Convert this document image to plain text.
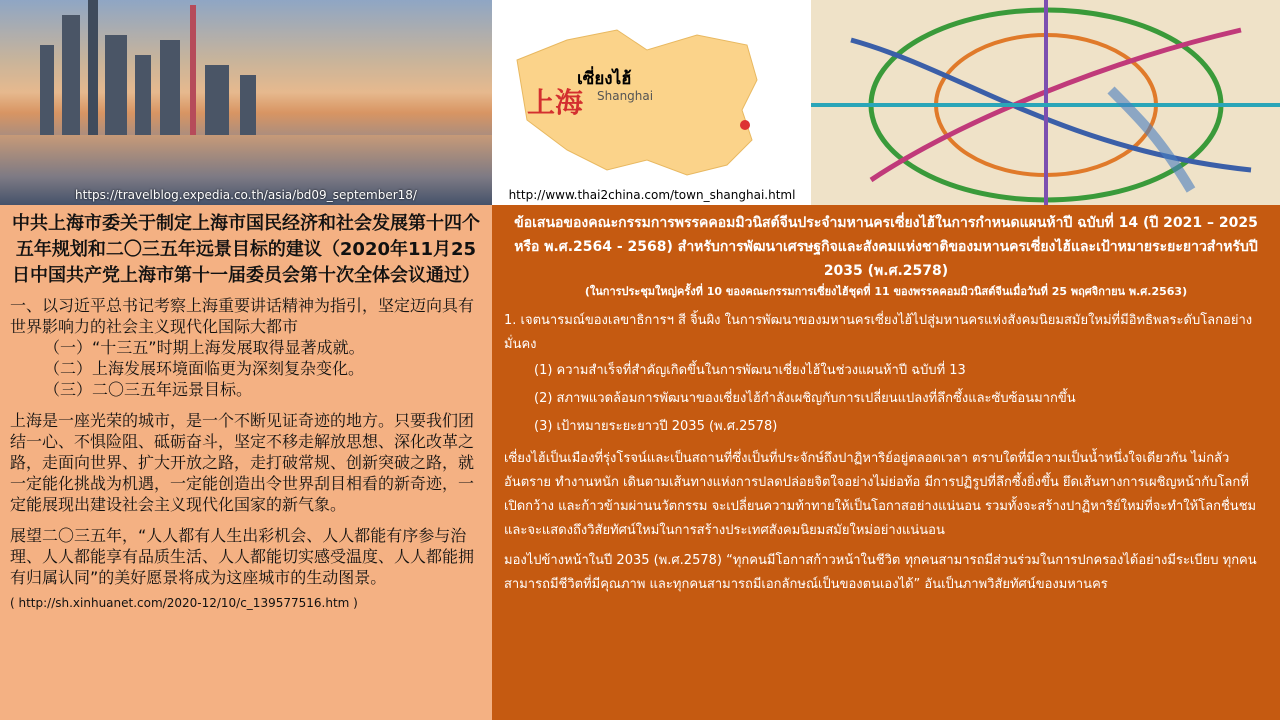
https://travelblog.expedia.co.th/asia/bd09_september18/
เซี่ยงไฮ้
Shanghai
上海
http://www.thai2china.com/town_shanghai.html
中共上海市委关于制定上海市国民经济和社会发展第十四个五年规划和二〇三五年远景目标的建议（2020年11月25日中国共产党上海市第十一届委员会第十次全体会议通过）

一、以习近平总书记考察上海重要讲话精神为指引，坚定迈向具有世界影响力的社会主义现代化国际大都市

（一）“十三五”时期上海发展取得显著成就。

（二）上海发展环境面临更为深刻复杂变化。

（三）二〇三五年远景目标。

上海是一座光荣的城市，是一个不断见证奇迹的地方。只要我们团结一心、不惧险阻、砥砺奋斗，坚定不移走解放思想、深化改革之路，走面向世界、扩大开放之路，走打破常规、创新突破之路，就一定能化挑战为机遇，一定能创造出令世界刮目相看的新奇迹，一定能展现出建设社会主义现代化国家的新气象。

展望二〇三五年，“人人都有人生出彩机会、人人都能有序参与治理、人人都能享有品质生活、人人都能切实感受温度、人人都能拥有归属认同”的美好愿景将成为这座城市的生动图景。

( http://sh.xinhuanet.com/2020-12/10/c_139577516.htm )
ข้อเสนอของคณะกรรมการพรรคคอมมิวนิสต์จีนประจำมหานครเซี่ยงไฮ้ในการกำหนดแผนห้าปี ฉบับที่ 14 (ปี 2021 – 2025 หรือ พ.ศ.2564 - 2568) สำหรับการพัฒนาเศรษฐกิจและสังคมแห่งชาติของมหานครเซี่ยงไฮ้และเป้าหมายระยะยาวสำหรับปี 2035 (พ.ศ.2578)
(ในการประชุมใหญ่ครั้งที่ 10 ของคณะกรรมการเซี่ยงไฮ้ชุดที่ 11 ของพรรคคอมมิวนิสต์จีนเมื่อวันที่ 25 พฤศจิกายน พ.ศ.2563)

1. เจตนารมณ์ของเลขาธิการฯ สี จิ้นผิง ในการพัฒนาของมหานครเซี่ยงไฮ้ไปสู่มหานครแห่งสังคมนิยมสมัยใหม่ที่มีอิทธิพลระดับโลกอย่างมั่นคง

(1) ความสำเร็จที่สำคัญเกิดขึ้นในการพัฒนาเซี่ยงไฮ้ในช่วงแผนห้าปี ฉบับที่ 13

(2) สภาพแวดล้อมการพัฒนาของเซี่ยงไฮ้กำลังเผชิญกับการเปลี่ยนแปลงที่ลึกซึ้งและซับซ้อนมากขึ้น

(3) เป้าหมายระยะยาวปี 2035 (พ.ศ.2578)

เซี่ยงไฮ้เป็นเมืองที่รุ่งโรจน์และเป็นสถานที่ซึ่งเป็นที่ประจักษ์ถึงปาฏิหาริย์อยู่ตลอดเวลา ตราบใดที่มีความเป็นน้ำหนึ่งใจเดียวกัน ไม่กลัวอันตราย ทำงานหนัก เดินตามเส้นทางแห่งการปลดปล่อยจิตใจอย่างไม่ย่อท้อ มีการปฏิรูปที่ลึกซึ้งยิ่งขึ้น ยึดเส้นทางการเผชิญหน้ากับโลกที่เปิดกว้าง และก้าวข้ามผ่านนวัตกรรม จะเปลี่ยนความท้าทายให้เป็นโอกาสอย่างแน่นอน รวมทั้งจะสร้างปาฏิหาริย์ใหม่ที่จะทำให้โลกชื่นชม และจะแสดงถึงวิสัยทัศน์ใหม่ในการสร้างประเทศสังคมนิยมสมัยใหม่อย่างแน่นอน

มองไปข้างหน้าในปี 2035 (พ.ศ.2578) “ทุกคนมีโอกาสก้าวหน้าในชีวิต ทุกคนสามารถมีส่วนร่วมในการปกครองได้อย่างมีระเบียบ ทุกคนสามารถมีชีวิตที่มีคุณภาพ และทุกคนสามารถมีเอกลักษณ์เป็นของตนเองได้” อันเป็นภาพวิสัยทัศน์ของมหานคร
